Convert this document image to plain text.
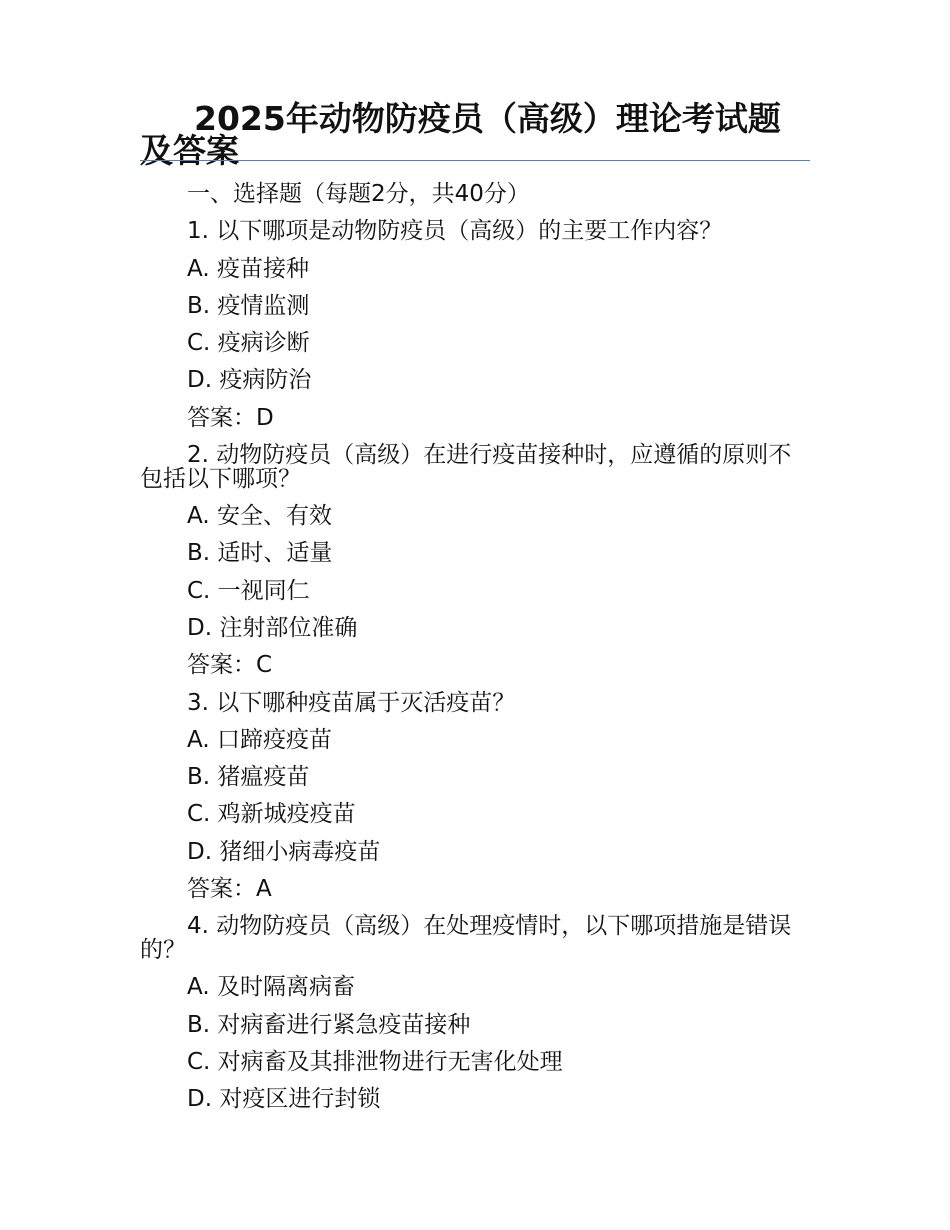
2025年动物防疫员（高级）理论考试题及答案

一、选择题（每题2分，共40分）

1. 以下哪项是动物防疫员（高级）的主要工作内容？

A. 疫苗接种

B. 疫情监测

C. 疫病诊断

D. 疫病防治

答案：D

2. 动物防疫员（高级）在进行疫苗接种时，应遵循的原则不包括以下哪项？

A. 安全、有效

B. 适时、适量

C. 一视同仁

D. 注射部位准确

答案：C

3. 以下哪种疫苗属于灭活疫苗？

A. 口蹄疫疫苗

B. 猪瘟疫苗

C. 鸡新城疫疫苗

D. 猪细小病毒疫苗

答案：A

4. 动物防疫员（高级）在处理疫情时，以下哪项措施是错误的？

A. 及时隔离病畜

B. 对病畜进行紧急疫苗接种

C. 对病畜及其排泄物进行无害化处理

D. 对疫区进行封锁
